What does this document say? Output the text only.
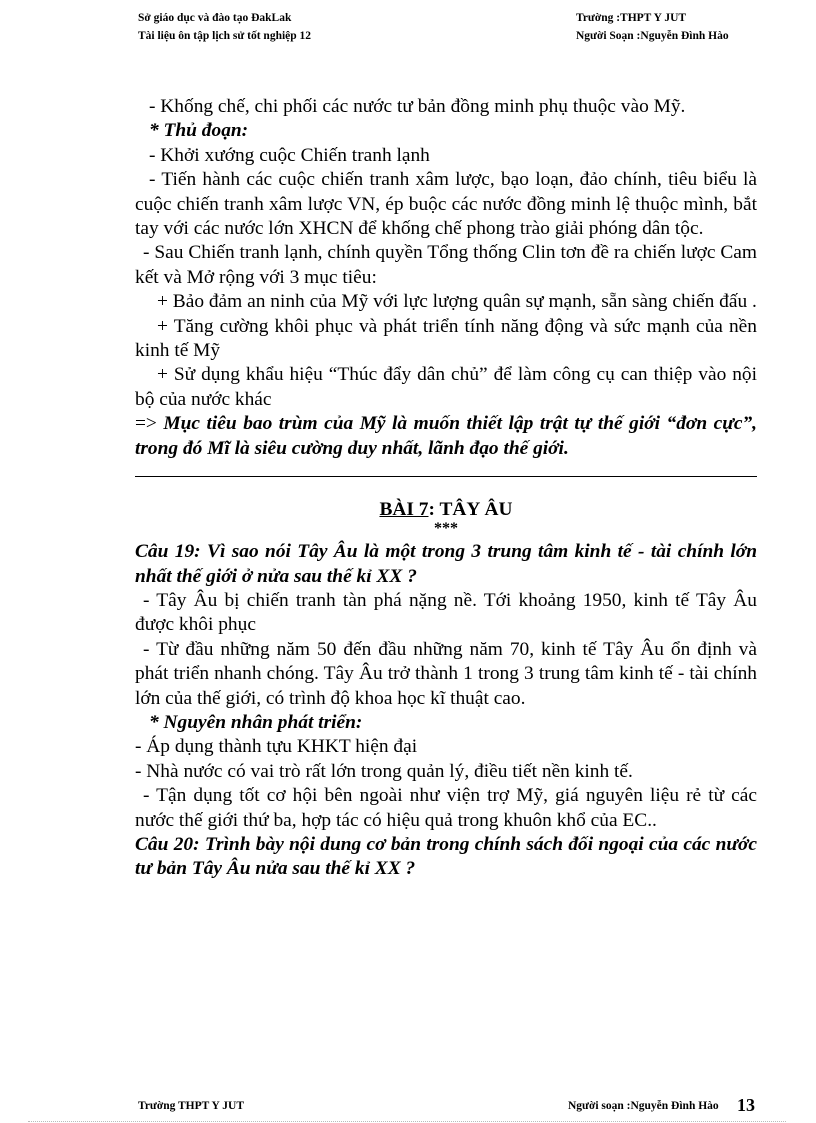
Sở giáo dục và đào tạo ĐakLak
Tài liệu ôn tập lịch sử tốt nghiệp 12
Trường :THPT Y JUT
Người Soạn :Nguyễn Đình Hào

- Khống chế, chi phối các nước tư bản đồng minh phụ thuộc vào Mỹ.

* Thủ đoạn:

- Khởi xướng cuộc Chiến tranh lạnh

- Tiến hành các cuộc chiến tranh xâm lược, bạo loạn, đảo chính, tiêu biểu là cuộc chiến tranh xâm lược VN, ép buộc các nước đồng minh lệ thuộc mình, bắt tay với các nước lớn XHCN để khống chế phong trào giải phóng dân tộc.

- Sau Chiến tranh lạnh, chính quyền Tổng thống Clin tơn đề ra chiến lược Cam kết và Mở rộng với 3 mục tiêu:

+ Bảo đảm an ninh của Mỹ với lực lượng quân sự mạnh, sẵn sàng chiến đấu .

+ Tăng cường khôi phục và phát triển tính năng động và sức mạnh của nền kinh tế Mỹ

+ Sử dụng khẩu hiệu “Thúc đẩy dân chủ” để làm công cụ can thiệp vào nội bộ của nước khác

=> Mục tiêu bao trùm của Mỹ là muốn thiết lập trật tự thế giới “đơn cực”, trong đó Mĩ là siêu cường duy nhất, lãnh đạo thế giới.

BÀI 7: TÂY ÂU
***

Câu 19: Vì sao nói Tây Âu là một trong 3 trung tâm kinh tế - tài chính lớn nhất thế giới ở nửa sau thế kỉ XX ?

- Tây Âu bị chiến tranh tàn phá nặng nề. Tới khoảng 1950, kinh tế Tây Âu được khôi phục

- Từ đầu những năm 50 đến đầu những năm 70, kinh tế Tây Âu ổn định và phát triển nhanh chóng. Tây Âu trở thành 1 trong 3 trung tâm kinh tế - tài chính lớn của thế giới, có trình độ khoa học kĩ thuật cao.

* Nguyên nhân phát triển:

- Áp dụng thành tựu KHKT hiện đại

- Nhà nước có vai trò rất lớn trong quản lý, điều tiết nền kinh tế.

- Tận dụng tốt cơ hội bên ngoài như viện trợ Mỹ, giá nguyên liệu rẻ từ các nước thế giới thứ ba, hợp tác có hiệu quả trong khuôn khổ của EC..

Câu 20: Trình bày nội dung cơ bản trong chính sách đối ngoại của các nước tư bản Tây Âu nửa sau thế kỉ XX ?

Trường THPT Y JUT	Người soạn :Nguyễn Đình Hào 13
